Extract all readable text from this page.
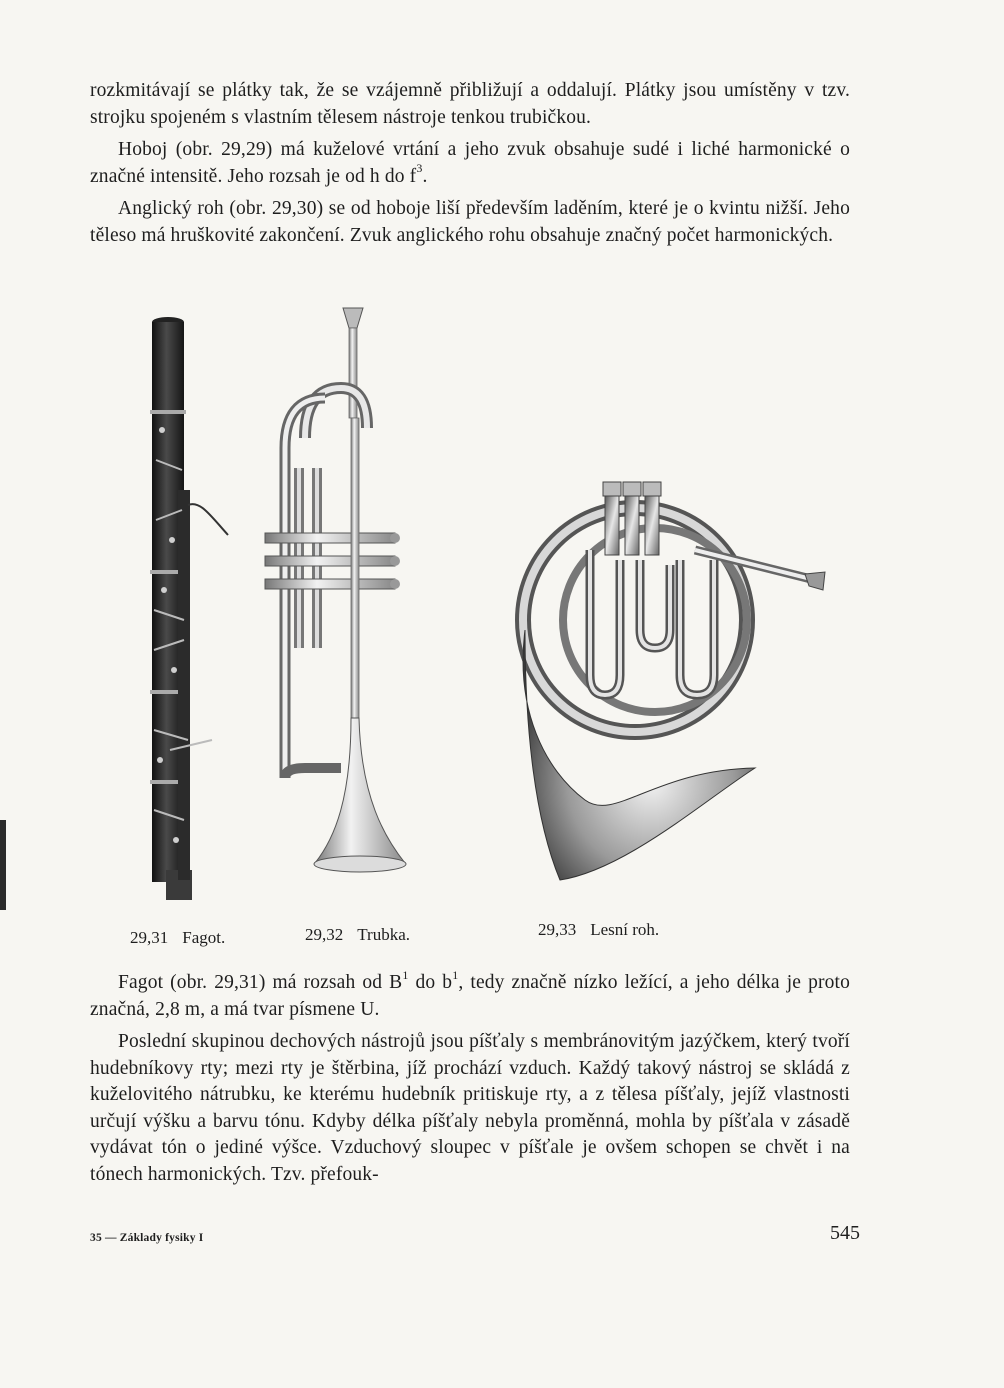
rozkmitávají se plátky tak, že se vzájemně přibližují a oddalují. Plátky jsou umístěny v tzv. strojku spojeném s vlastním tělesem nástroje tenkou trubičkou.

Hoboj (obr. 29,29) má kuželové vrtání a jeho zvuk obsahuje sudé i liché harmonické o značné intensitě. Jeho rozsah je od h do $f^3$.

Anglický roh (obr. 29,30) se od hoboje liší především laděním, které je o kvintu nižší. Jeho těleso má hruškovité zakončení. Zvuk anglického rohu obsahuje značný počet harmonických.

29,31 Fagot.	29,32 Trubka.	29,33 Lesní roh.

Fagot (obr. 29,31) má rozsah od $B^1$ do $b^1$, tedy značně nízko ležící, a jeho délka je proto značná, 2,8 m, a má tvar písmene U.

Poslední skupinou dechových nástrojů jsou píšťaly s membránovitým jazýčkem, který tvoří hudebníkovy rty; mezi rty je štěrbina, jíž prochází vzduch. Každý takový nástroj se skládá z kuželovitého nátrubku, ke kterému hudebník pritiskuje rty, a z tělesa píšťaly, jejíž vlastnosti určují výšku a barvu tónu. Kdyby délka píšťaly nebyla proměnná, mohla by píšťala v zásadě vydávat tón o jediné výšce. Vzduchový sloupec v píšťale je ovšem schopen se chvět i na tónech harmonických. Tzv. přefouk-

35 — Základy fysiky I	545
